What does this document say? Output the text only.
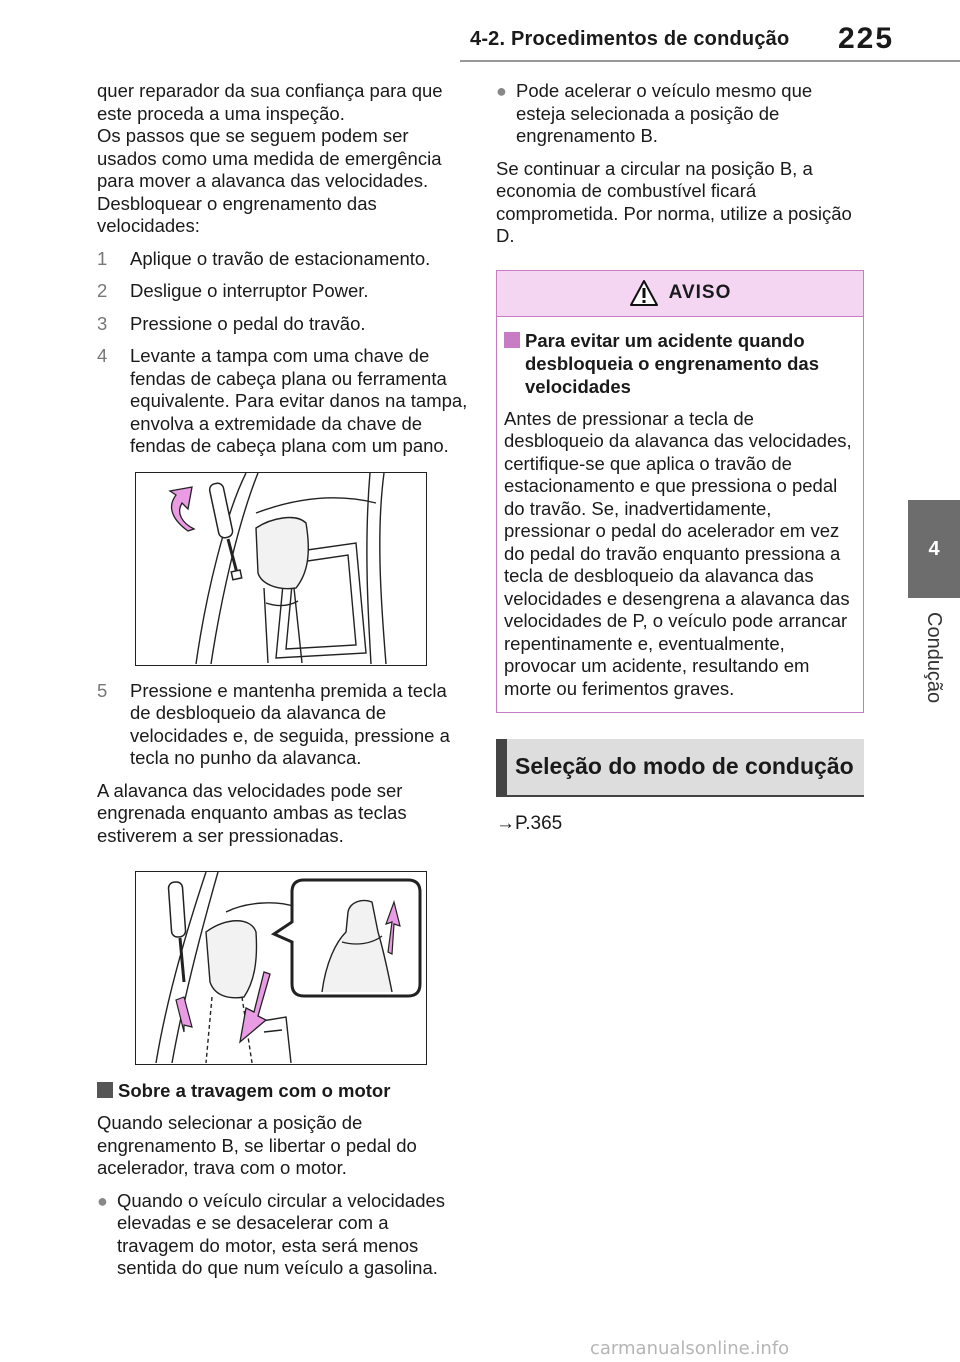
4-2. Procedimentos de condução 225
4
Condução

quer reparador da sua confiança para que este proceda a uma inspeção.

Os passos que se seguem podem ser usados como uma medida de emergência para mover a alavanca das velocidades.

Desbloquear o engrenamento das velocidades:

1	Aplique o travão de estacionamento.
2	Desligue o interruptor Power.
3	Pressione o pedal do travão.
4	Levante a tampa com uma chave de fendas de cabeça plana ou ferramenta equivalente. Para evitar danos na tampa, envolva a extremidade da chave de fendas de cabeça plana com um pano.
5	Pressione e mantenha premida a tecla de desbloqueio da alavanca de velocidades e, de seguida, pressione a tecla no punho da alavanca.

A alavanca das velocidades pode ser engrenada enquanto ambas as teclas estiverem a ser pressionadas.

Sobre a travagem com o motor

Quando selecionar a posição de engrenamento B, se libertar o pedal do acelerador, trava com o motor.

● Quando o veículo circular a velocidades elevadas e se desacelerar com a travagem do motor, esta será menos sentida do que num veículo a gasolina.
● Pode acelerar o veículo mesmo que esteja selecionada a posição de engrenamento B.

Se continuar a circular na posição B, a economia de combustível ficará comprometida. Por norma, utilize a posição D.

AVISO
Para evitar um acidente quando desbloqueia o engrenamento das velocidades

Antes de pressionar a tecla de desbloqueio da alavanca das velocidades, certifique-se que aplica o travão de estacionamento e que pressiona o pedal do travão. Se, inadvertidamente, pressionar o pedal do acelerador em vez do pedal do travão enquanto pressiona a tecla de desbloqueio da alavanca das velocidades e desengrena a alavanca das velocidades de P, o veículo pode arrancar repentinamente e, eventualmente, provocar um acidente, resultando em morte ou ferimentos graves.

Seleção do modo de condução
→P.365
carmanualsonline.info
